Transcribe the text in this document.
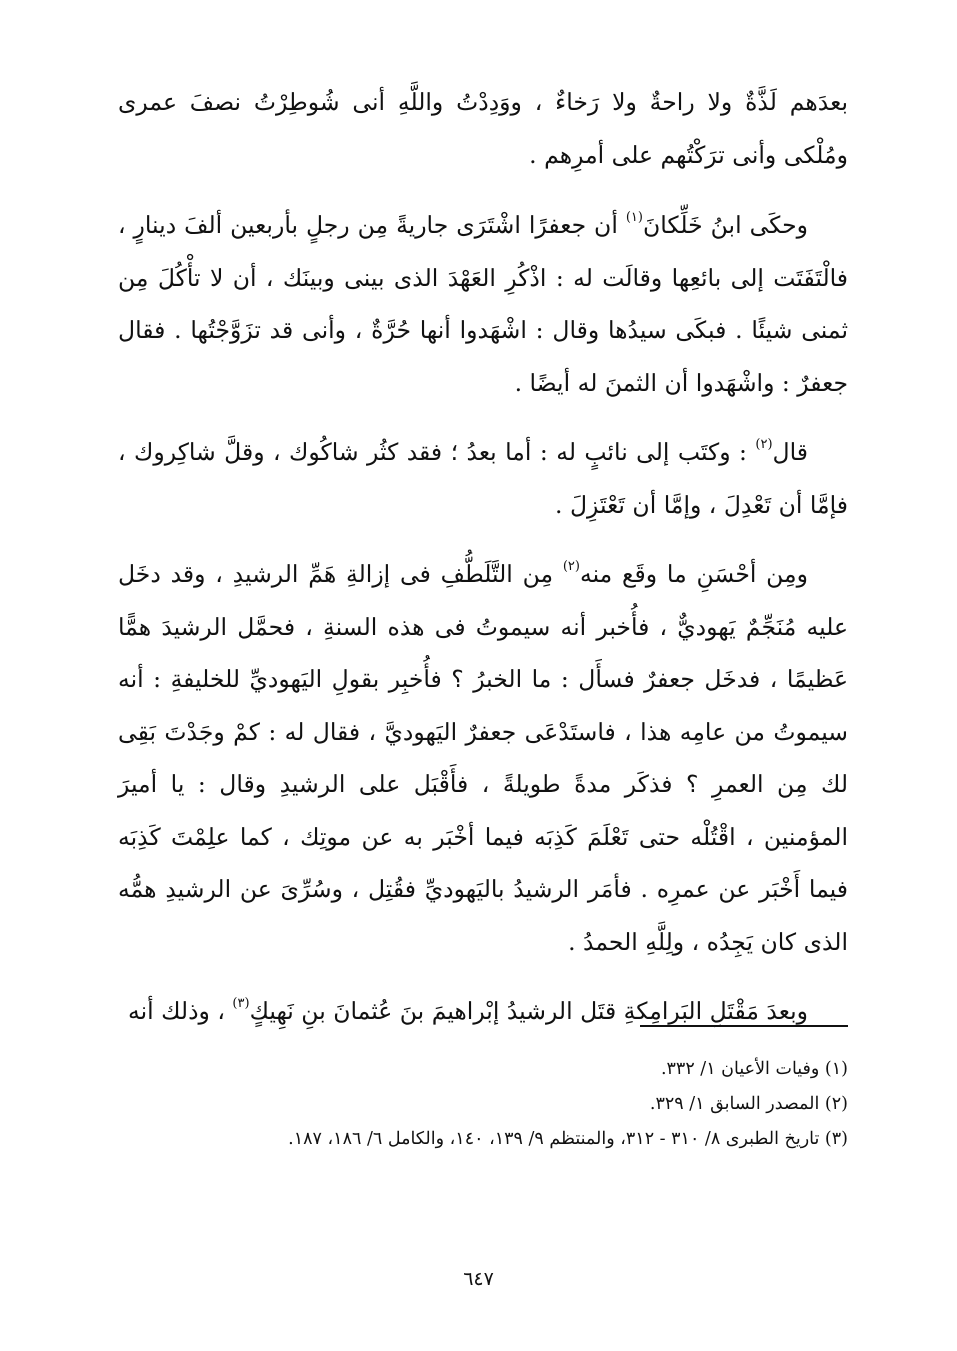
بعدَهم لَذَّةٌ ولا راحةٌ ولا رَخاءٌ ، ووَدِدْتُ واللَّهِ أنى شُوطِرْتُ نصفَ عمرى ومُلْكى وأنى ترَكْتُهم على أمرِهم .

وحكَى ابنُ خَلِّكانَ$^{(١)}$ أن جعفرًا اشْتَرَى جاريةً مِن رجلٍ بأربعين ألفَ دينارٍ ، فالْتَفَتَت إلى بائعِها وقالَت له : اذْكُرِ العَهْدَ الذى بينى وبينَك ، أن لا تأْكُلَ مِن ثمنى شيئًا . فبكَى سيدُها وقال : اشْهَدوا أنها حُرَّةٌ ، وأنى قد تزَوَّجْتُها . فقال جعفرٌ : واشْهَدوا أن الثمنَ له أيضًا .

قال$^{(٢)}$ : وكتَب إلى نائبٍ له : أما بعدُ ؛ فقد كثُر شاكُوك ، وقلَّ شاكِروك ، فإمَّا أن تَعْدِلَ ، وإمَّا أن تَعْتَزِلَ .

ومِن أحْسَنِ ما وقَع منه$^{(٢)}$ مِن التَّلَطُّفِ فى إزالةِ هَمِّ الرشيدِ ، وقد دخَل عليه مُنَجِّمٌ يَهوديٌّ ، فأُخبر أنه سيموتُ فى هذه السنةِ ، فحمَّل الرشيدَ همًّا عَظيمًا ، فدخَل جعفرٌ فسأَل : ما الخبرُ ؟ فأُخبِر بقولِ اليَهوديِّ للخليفةِ : أنه سيموتُ من عامِه هذا ، فاستَدْعَى جعفرٌ اليَهوديَّ ، فقال له : كمْ وجَدْتَ بَقِى لك مِن العمرِ ؟ فذكَر مدةً طويلةً ، فأَقْبَل على الرشيدِ وقال : يا أميرَ المؤمنين ، اقْتُلْه حتى تَعْلَمَ كَذِبَه فيما أخْبَر به عن موتِك ، كما علِمْتَ كَذِبَه فيما أَخْبَر عن عمرِه . فأمَر الرشيدُ باليَهوديِّ فقُتِل ، وسُرِّىَ عن الرشيدِ همُّه الذى كان يَجِدُه ، ولِلَّهِ الحمدُ .

وبعدَ مَقْتَلِ البَرامِكةِ قتَل الرشيدُ إبْراهيمَ بنَ عُثمانَ بنِ نَهِيكٍ$^{(٣)}$ ، وذلك أنه

(١) وفيات الأعيان ١/ ٣٣٢.

(٢) المصدر السابق ١/ ٣٢٩.

(٣) تاريخ الطبرى ٨/ ٣١٠ - ٣١٢، والمنتظم ٩/ ١٣٩، ١٤٠، والكامل ٦/ ١٨٦، ١٨٧.

٦٤٧
